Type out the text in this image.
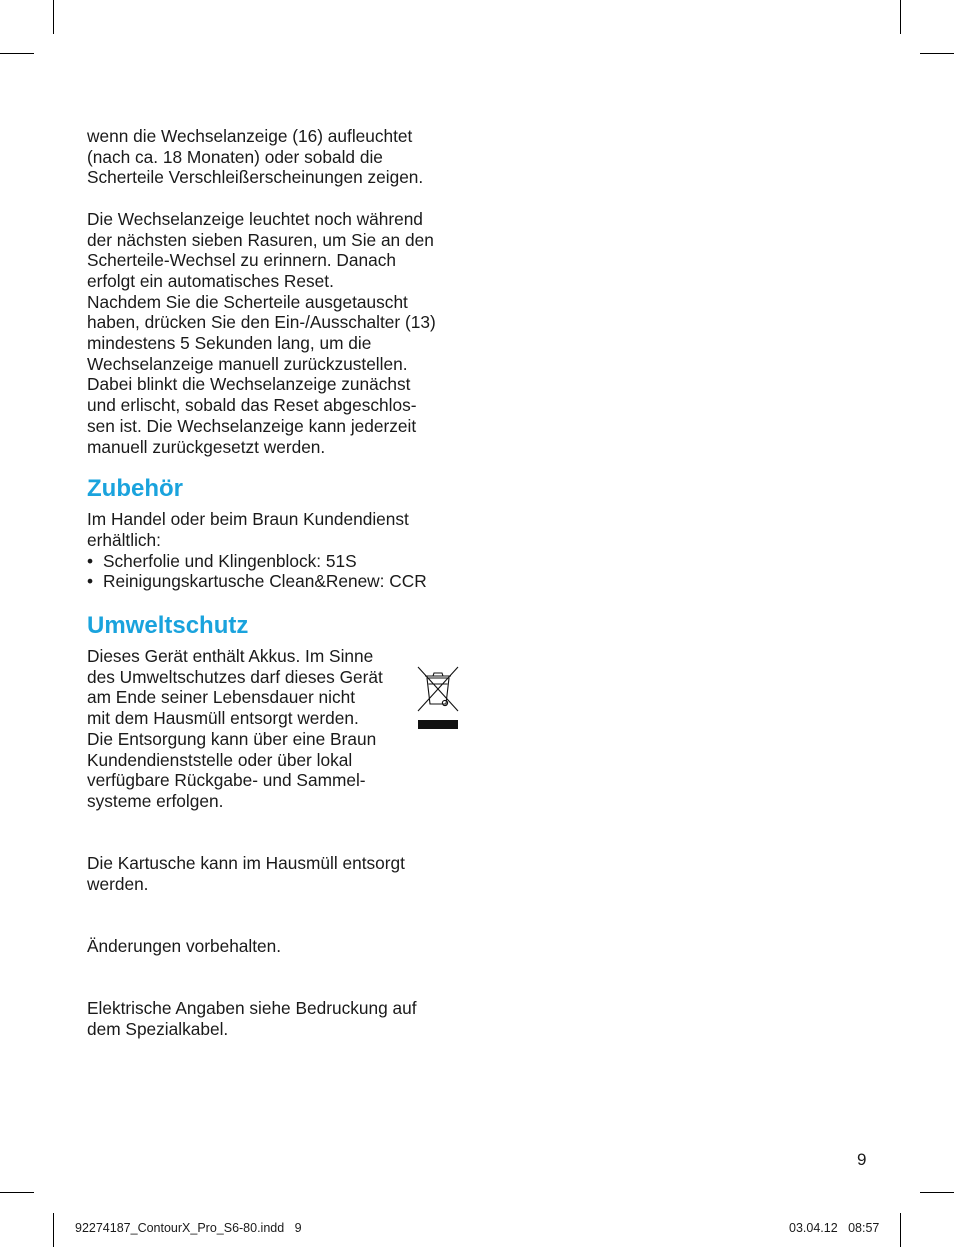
wenn die Wechselanzeige (16) aufleuchtet
(nach ca. 18 Monaten) oder sobald die
Scherteile Verschleißerscheinungen zeigen.

Die Wechselanzeige leuchtet noch während
der nächsten sieben Rasuren, um Sie an den
Scherteile-Wechsel zu erinnern. Danach
erfolgt ein automatisches Reset.
Nachdem Sie die Scherteile ausgetauscht
haben, drücken Sie den Ein-/Ausschalter (13)
mindestens 5 Sekunden lang, um die
Wechselanzeige manuell zurückzustellen.
Dabei blinkt die Wechselanzeige zunächst
und erlischt, sobald das Reset abgeschlos-
sen ist. Die Wechselanzeige kann jederzeit
manuell zurückgesetzt werden.

Zubehör

Im Handel oder beim Braun Kundendienst
erhältlich:
• Scherfolie und Klingenblock: 51S
• Reinigungskartusche Clean&Renew: CCR

Umweltschutz

Dieses Gerät enthält Akkus. Im Sinne
des Umweltschutzes darf dieses Gerät
am Ende seiner Lebensdauer nicht
mit dem Hausmüll entsorgt werden.
Die Entsorgung kann über eine Braun
Kundendienststelle oder über lokal
verfügbare Rückgabe- und Sammel-
systeme erfolgen.

Die Kartusche kann im Hausmüll entsorgt
werden.

Änderungen vorbehalten.

Elektrische Angaben siehe Bedruckung auf
dem Spezialkabel.

9
92274187_ContourX_Pro_S6-80.indd   9	03.04.12   08:57
